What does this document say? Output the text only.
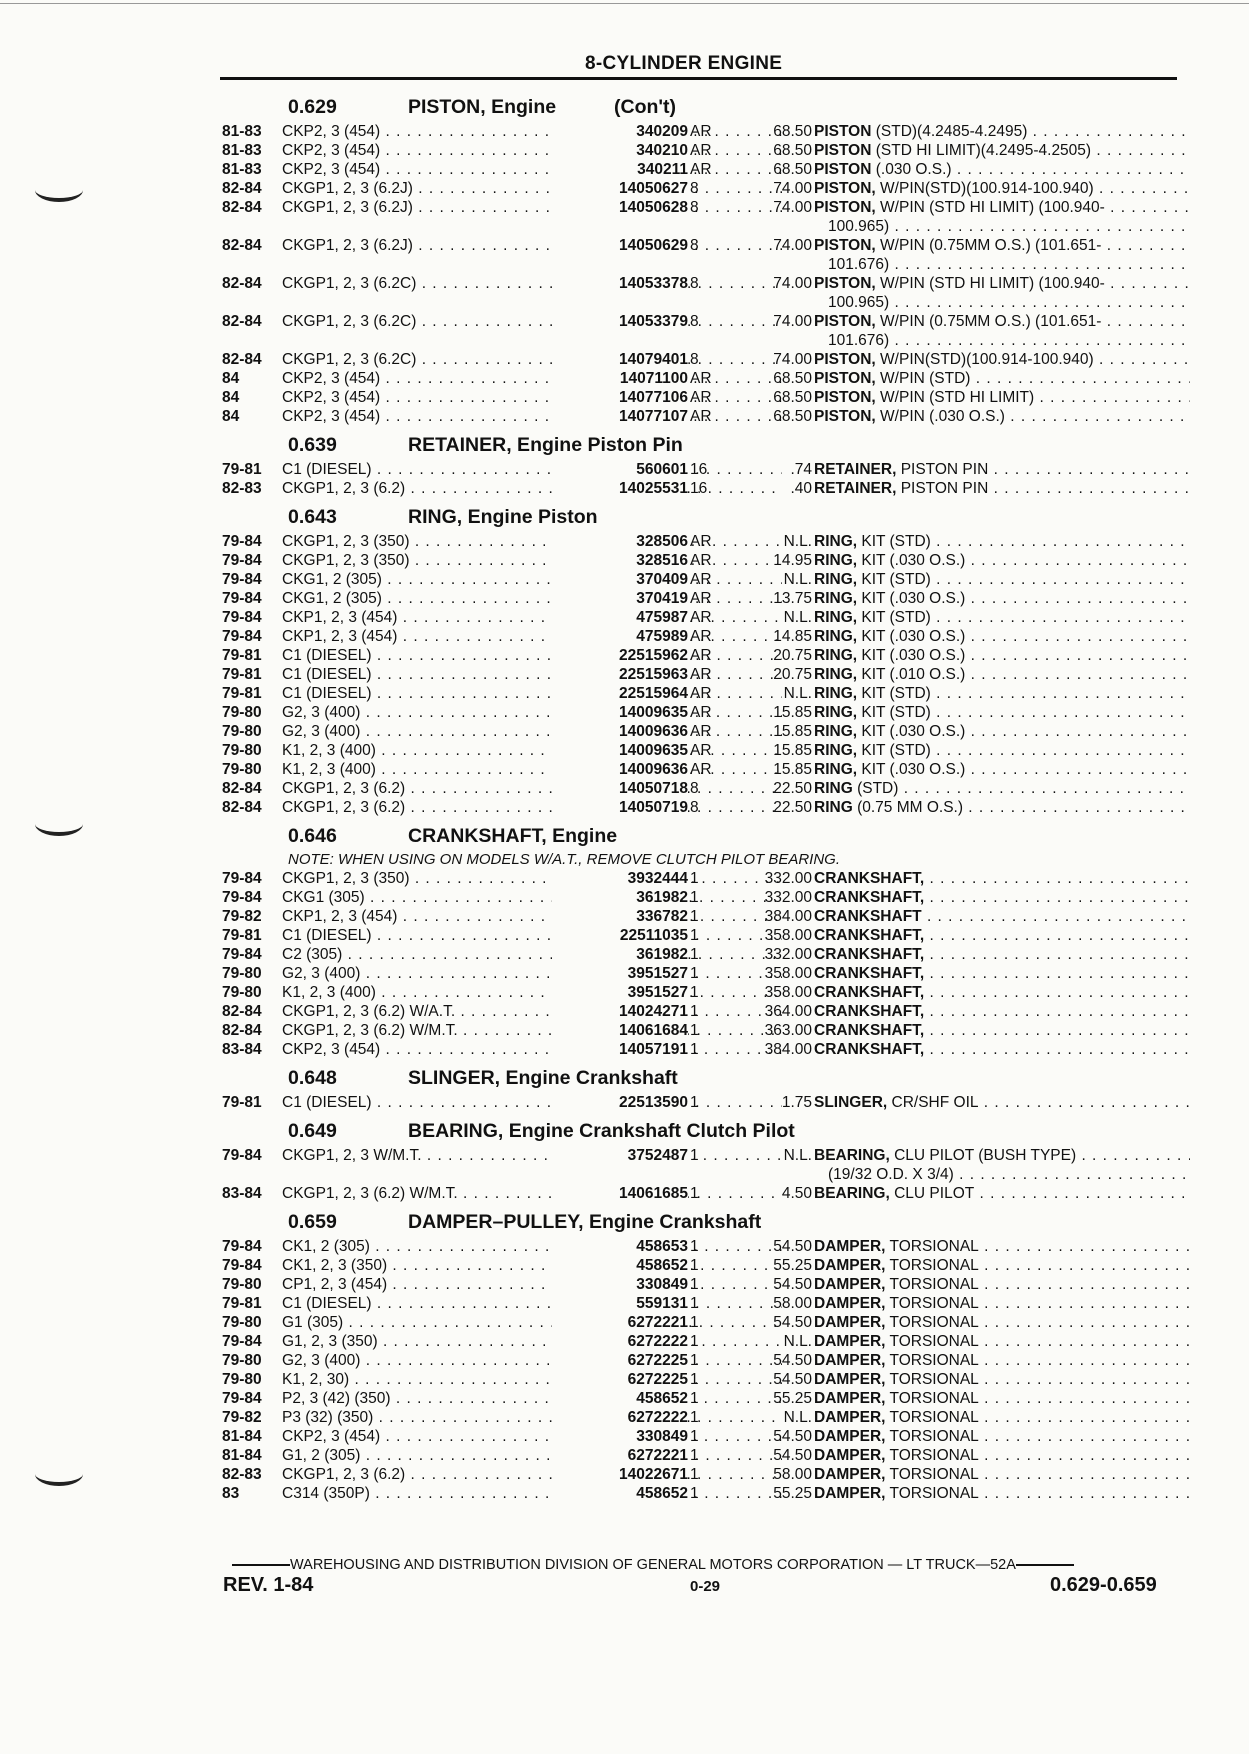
8-CYLINDER ENGINE
0.629	PISTON, Engine	(Con't)
81-83	CKP2, 3 (454) . . .	340209 AR	68.50 PISTON (STD)(4.2485-4.2495) . . .
81-83	CKP2, 3 (454) . . .	340210 AR	68.50 PISTON (STD HI LIMIT)(4.2495-4.2505) . . .
81-83	CKP2, 3 (454) . . .	340211 AR	68.50 PISTON (.030 O.S.) . . .
82-84	CKGP1, 2, 3 (6.2J) . . .	14050627 8	74.00 PISTON, W/PIN(STD)(100.914-100.940) . . .
82-84	CKGP1, 2, 3 (6.2J) . . .	14050628 8	74.00 PISTON, W/PIN (STD HI LIMIT) (100.940- . . .
100.965) . . .
82-84	CKGP1, 2, 3 (6.2J) . . .	14050629 8	74.00 PISTON, W/PIN (0.75MM O.S.) (101.651- . . .
101.676) . . .
82-84	CKGP1, 2, 3 (6.2C) . . .	14053378 8	74.00 PISTON, W/PIN (STD HI LIMIT) (100.940- . . .
100.965) . . .
82-84	CKGP1, 2, 3 (6.2C) . . .	14053379 8	74.00 PISTON, W/PIN (0.75MM O.S.) (101.651- . . .
101.676) . . .
82-84	CKGP1, 2, 3 (6.2C) . . .	14079401 8	74.00 PISTON, W/PIN(STD)(100.914-100.940) . . .
84	CKP2, 3 (454) . . .	14071100 AR	68.50 PISTON, W/PIN (STD) . . .
84	CKP2, 3 (454) . . .	14077106 AR	68.50 PISTON, W/PIN (STD HI LIMIT) . . .
84	CKP2, 3 (454) . . .	14077107 AR	68.50 PISTON, W/PIN (.030 O.S.) . . .
0.639	RETAINER, Engine Piston Pin
79-81	C1 (DIESEL) . . .	560601 16	.74 RETAINER, PISTON PIN . . .
82-83	CKGP1, 2, 3 (6.2) . . .	14025531 16	.40 RETAINER, PISTON PIN . . .
0.643	RING, Engine Piston
79-84	CKGP1, 2, 3 (350) . . .	328506 AR	N.L. RING, KIT (STD) . . .
79-84	CKGP1, 2, 3 (350) . . .	328516 AR	14.95 RING, KIT (.030 O.S.) . . .
79-84	CKG1, 2 (305) . . .	370409 AR	N.L. RING, KIT (STD) . . .
79-84	CKG1, 2 (305) . . .	370419 AR	13.75 RING, KIT (.030 O.S.) . . .
79-84	CKP1, 2, 3 (454) . . .	475987 AR	N.L. RING, KIT (STD) . . .
79-84	CKP1, 2, 3 (454) . . .	475989 AR	14.85 RING, KIT (.030 O.S.) . . .
79-81	C1 (DIESEL) . . .	22515962 AR	20.75 RING, KIT (.030 O.S.) . . .
79-81	C1 (DIESEL) . . .	22515963 AR	20.75 RING, KIT (.010 O.S.) . . .
79-81	C1 (DIESEL) . . .	22515964 AR	N.L. RING, KIT (STD) . . .
79-80	G2, 3 (400) . . .	14009635 AR	15.85 RING, KIT (STD) . . .
79-80	G2, 3 (400) . . .	14009636 AR	15.85 RING, KIT (.030 O.S.) . . .
79-80	K1, 2, 3 (400) . . .	14009635 AR	15.85 RING, KIT (STD) . . .
79-80	K1, 2, 3 (400) . . .	14009636 AR	15.85 RING, KIT (.030 O.S.) . . .
82-84	CKGP1, 2, 3 (6.2) . . .	14050718 8	22.50 RING (STD) . . .
82-84	CKGP1, 2, 3 (6.2) . . .	14050719 8	22.50 RING (0.75 MM O.S.) . . .
0.646	CRANKSHAFT, Engine
NOTE: WHEN USING ON MODELS W/A.T., REMOVE CLUTCH PILOT BEARING.
79-84	CKGP1, 2, 3 (350) . . .	3932444 1	332.00 CRANKSHAFT, . . .
79-84	CKG1 (305) . . .	361982 1	332.00 CRANKSHAFT, . . .
79-82	CKP1, 2, 3 (454) . . .	336782 1	384.00 CRANKSHAFT . . .
79-81	C1 (DIESEL) . . .	22511035 1	358.00 CRANKSHAFT, . . .
79-84	C2 (305) . . .	361982 1	332.00 CRANKSHAFT, . . .
79-80	G2, 3 (400) . . .	3951527 1	358.00 CRANKSHAFT, . . .
79-80	K1, 2, 3 (400) . . .	3951527 1	358.00 CRANKSHAFT, . . .
82-84	CKGP1, 2, 3 (6.2) W/A.T. . . .	14024271 1	364.00 CRANKSHAFT, . . .
82-84	CKGP1, 2, 3 (6.2) W/M.T. . . .	14061684 1	363.00 CRANKSHAFT, . . .
83-84	CKP2, 3 (454) . . .	14057191 1	384.00 CRANKSHAFT, . . .
0.648	SLINGER, Engine Crankshaft
79-81	C1 (DIESEL) . . .	22513590 1	1.75 SLINGER, CR/SHF OIL . . .
0.649	BEARING, Engine Crankshaft Clutch Pilot
79-84	CKGP1, 2, 3 W/M.T. . . .	3752487 1	N.L. BEARING, CLU PILOT (BUSH TYPE) . . .
(19/32 O.D. X 3/4) . . .
83-84	CKGP1, 2, 3 (6.2) W/M.T. . . .	14061685 1	4.50 BEARING, CLU PILOT . . .
0.659	DAMPER–PULLEY, Engine Crankshaft
79-84	CK1, 2 (305) . . .	458653 1	54.50 DAMPER, TORSIONAL . . .
79-84	CK1, 2, 3 (350) . . .	458652 1	55.25 DAMPER, TORSIONAL . . .
79-80	CP1, 2, 3 (454) . . .	330849 1	54.50 DAMPER, TORSIONAL . . .
79-81	C1 (DIESEL) . . .	559131 1	58.00 DAMPER, TORSIONAL . . .
79-80	G1 (305) . . .	6272221 1	54.50 DAMPER, TORSIONAL . . .
79-84	G1, 2, 3 (350) . . .	6272222 1	N.L. DAMPER, TORSIONAL . . .
79-80	G2, 3 (400) . . .	6272225 1	54.50 DAMPER, TORSIONAL . . .
79-80	K1, 2, 30) . . .	6272225 1	54.50 DAMPER, TORSIONAL . . .
79-84	P2, 3 (42) (350) . . .	458652 1	55.25 DAMPER, TORSIONAL . . .
79-82	P3 (32) (350) . . .	6272222 1	N.L. DAMPER, TORSIONAL . . .
81-84	CKP2, 3 (454) . . .	330849 1	54.50 DAMPER, TORSIONAL . . .
81-84	G1, 2 (305) . . .	6272221 1	54.50 DAMPER, TORSIONAL . . .
82-83	CKGP1, 2, 3 (6.2) . . .	14022671 1	58.00 DAMPER, TORSIONAL . . .
83	C314 (350P) . . .	458652 1	55.25 DAMPER, TORSIONAL . . .
WAREHOUSING AND DISTRIBUTION DIVISION OF GENERAL MOTORS CORPORATION — LT TRUCK—52A
REV. 1-84	0-29	0.629-0.659
